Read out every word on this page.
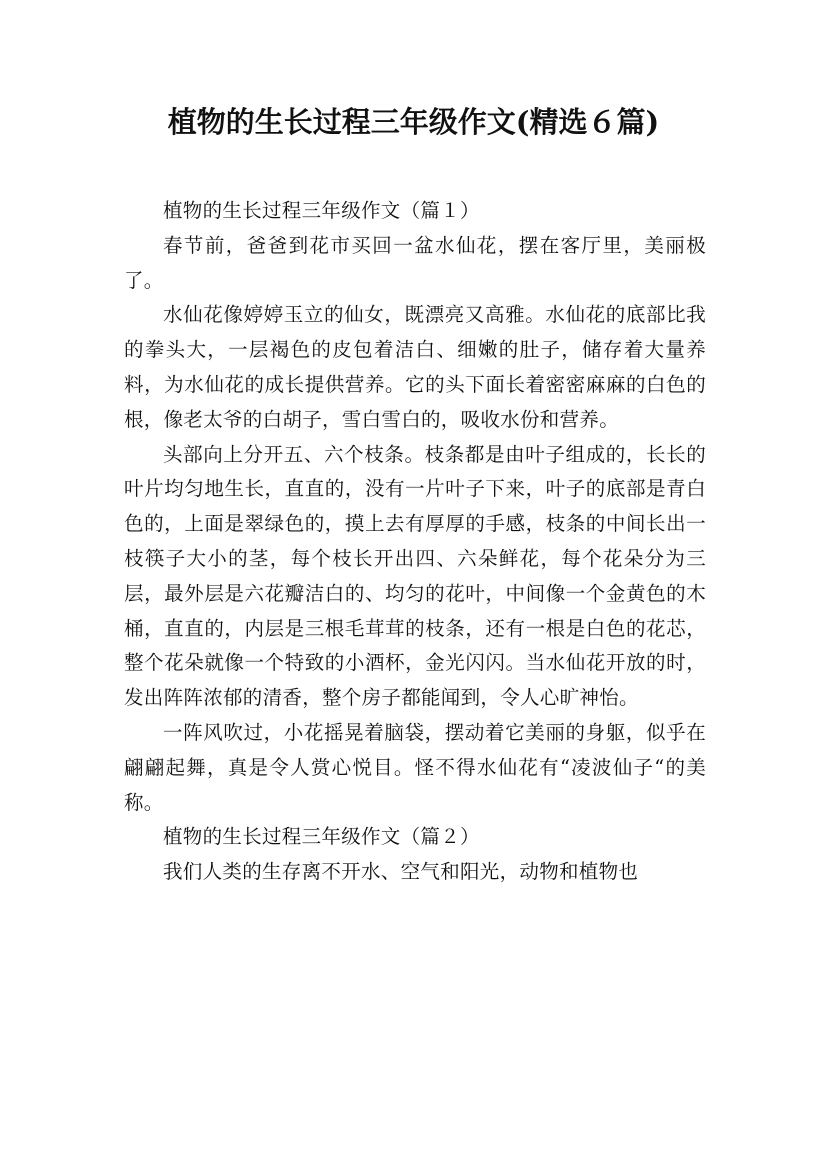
植物的生长过程三年级作文(精选６篇)

植物的生长过程三年级作文（篇１）

春节前，爸爸到花市买回一盆水仙花，摆在客厅里，美丽极了。

水仙花像婷婷玉立的仙女，既漂亮又高雅。水仙花的底部比我的拳头大，一层褐色的皮包着洁白、细嫩的肚子，储存着大量养料，为水仙花的成长提供营养。它的头下面长着密密麻麻的白色的根，像老太爷的白胡子，雪白雪白的，吸收水份和营养。

头部向上分开五、六个枝条。枝条都是由叶子组成的，长长的叶片均匀地生长，直直的，没有一片叶子下来，叶子的底部是青白色的，上面是翠绿色的，摸上去有厚厚的手感，枝条的中间长出一枝筷子大小的茎，每个枝长开出四、六朵鲜花，每个花朵分为三层，最外层是六花瓣洁白的、均匀的花叶，中间像一个金黄色的木桶，直直的，内层是三根毛茸茸的枝条，还有一根是白色的花芯，整个花朵就像一个特致的小酒杯，金光闪闪。当水仙花开放的时，发出阵阵浓郁的清香，整个房子都能闻到，令人心旷神怡。

一阵风吹过，小花摇晃着脑袋，摆动着它美丽的身躯，似乎在翩翩起舞，真是令人赏心悦目。怪不得水仙花有“凌波仙子“的美称。

植物的生长过程三年级作文（篇２）

我们人类的生存离不开水、空气和阳光，动物和植物也
